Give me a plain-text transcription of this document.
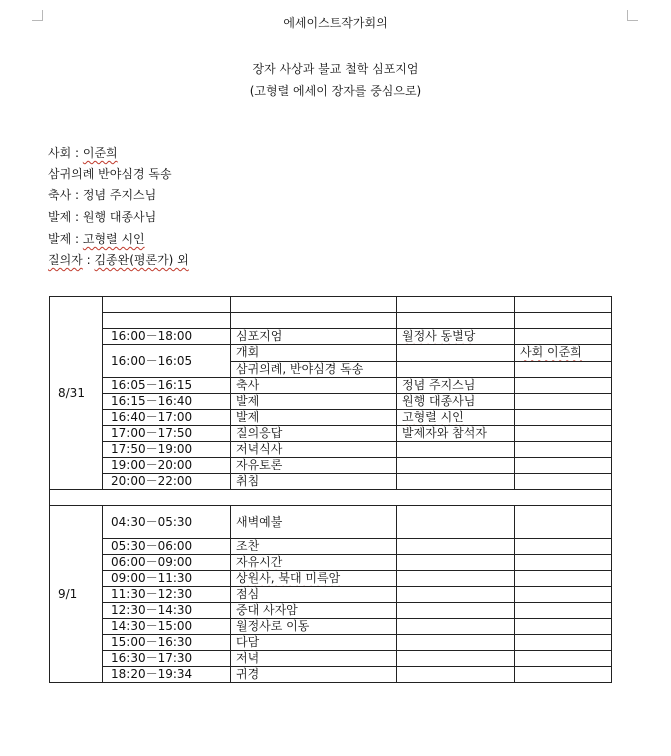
에세이스트작가회의
장자 사상과 불교 철학 심포지엄
(고형렬 에세이 장자를 중심으로)
사회 : 이준희
삼귀의례 반야심경 독송
축사 : 정념 주지스님
발제 : 원행 대종사님
발제 : 고형렬 시인
질의자 : 김종완(평론가) 외
8/31				

	16:00－18:00	심포지엄	월정사 동별당	
	16:00－16:05	개회		사회 이준희
		삼귀의례, 반야심경 독송		
	16:05－16:15	축사	정념 주지스님	
	16:15－16:40	발제	원행 대종사님	
	16:40－17:00	발제	고형렬 시인	
	17:00－17:50	질의응답	발제자와 참석자	
	17:50－19:00	저녁식사		
	19:00－20:00	자유토론		
	20:00－22:00	취침		

9/1	04:30－05:30	새벽예불		
	05:30－06:00	조찬		
	06:00－09:00	자유시간		
	09:00－11:30	상원사, 북대 미륵암		
	11:30－12:30	점심		
	12:30－14:30	중대 사자암		
	14:30－15:00	월정사로 이동		
	15:00－16:30	다담		
	16:30－17:30	저녁		
	18:20－19:34	귀경		
